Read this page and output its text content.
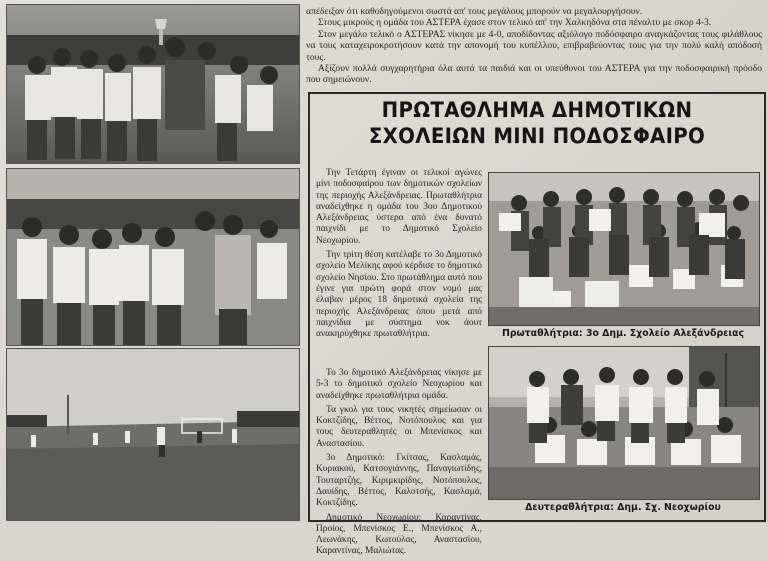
απέδειξαν ότι καθοδηγούμενοι σωστά απ' τους μεγάλους μπορούν να μεγαλουργήσουν.

Στους μικρούς η ομάδα του ΑΣΤΕΡΑ έχασε στον τελικό απ' την Χαλκηδόνα στα πέναλτυ με σκορ 4-3.

Στον μεγάλο τελικό ο ΑΣΤΕΡΑΣ νίκησε με 4-0, αποδίδοντας αξιόλογο ποδόσφαιρο αναγκάζοντας τους φιλάθλους να τους καταχειροκροτήσουν κατά την απονομή του κυπέλλου, επιβραβεύοντας τους για την πολύ καλή απόδοσή τους.

Αξίζουν πολλά συγχαρητήρια όλα αυτά τα παιδιά και οι υπεύθυνοι του ΑΣΤΕΡΑ για την ποδοσφαιρική πρόοδο που σημειώνουν.

ΠΡΩΤΑΘΛΗΜΑ ΔΗΜΟΤΙΚΩΝ
ΣΧΟΛΕΙΩΝ ΜΙΝΙ ΠΟΔΟΣΦΑΙΡΟ

Την Τετάρτη έγιναν οι τελικοί αγώνες μίνι ποδοσφαίρου των δημοτικών σχολείων της περιοχής Αλεξάνδρειας. Πρωταθλήτρια αναδείχθηκε η ομάδα του 3ου Δημοτικού Αλεξάνδρειας ύστερα από ένα δυνατό παιχνίδι με το Δημοτικό Σχολείο Νεοχωρίου.

Την τρίτη θέση κατέλαβε το 3ο Δημοτικό σχολείο Μελίκης αφού κέρδισε το δημοτικό σχολείο Νησίου. Στο πρωτάθλημα αυτό που έγινε για πρώτη φορά στον νομό μας έλαβαν μέρος 18 δημοτικά σχολεία της περιοχής Αλεξάνδρειας όπου μετά από παιχνίδια με σύστημα νοκ άουτ ανακηρύχθηκε πρωταθλήτρια.

Το 3ο δημοτικό Αλεξάνδρειας νίκησε με 5-3 το δημοτικό σχολείο Νεοχωρίου και αναδείχθηκε πρωταθλήτρια ομάδα.

Τα γκολ για τους νικητές σημείωσαν οι Κοκτζίδης, Βέττος, Νοτόπουλος και για τους δευτεραθλητές οι Μπενίσκος και Αναστασίου.

3ο Δημοτικό: Γκίτσας, Κασλαμάς, Κυριακού, Κατσογιάννης, Παναγιωτίδης, Τουταρτζής, Κιριμκιρίδης, Νοτόπουλος, Δαυίδης, Βέττος, Καλοτσής, Κασλαμά, Κοκτζίδης.

Δημοτικό Νεοχωρίου: Καραντίνας, Προίος, Μπενίσκος Ε., Μπενίσκος Α., Λεωνάκης, Κωτούλας, Αναστασίου, Καραντίνας, Μαλιώτας.

Πρωταθλήτρια: 3ο Δημ. Σχολείο Αλεξάνδρειας
Δευτεραθλήτρια: Δημ. Σχ. Νεοχωρίου
